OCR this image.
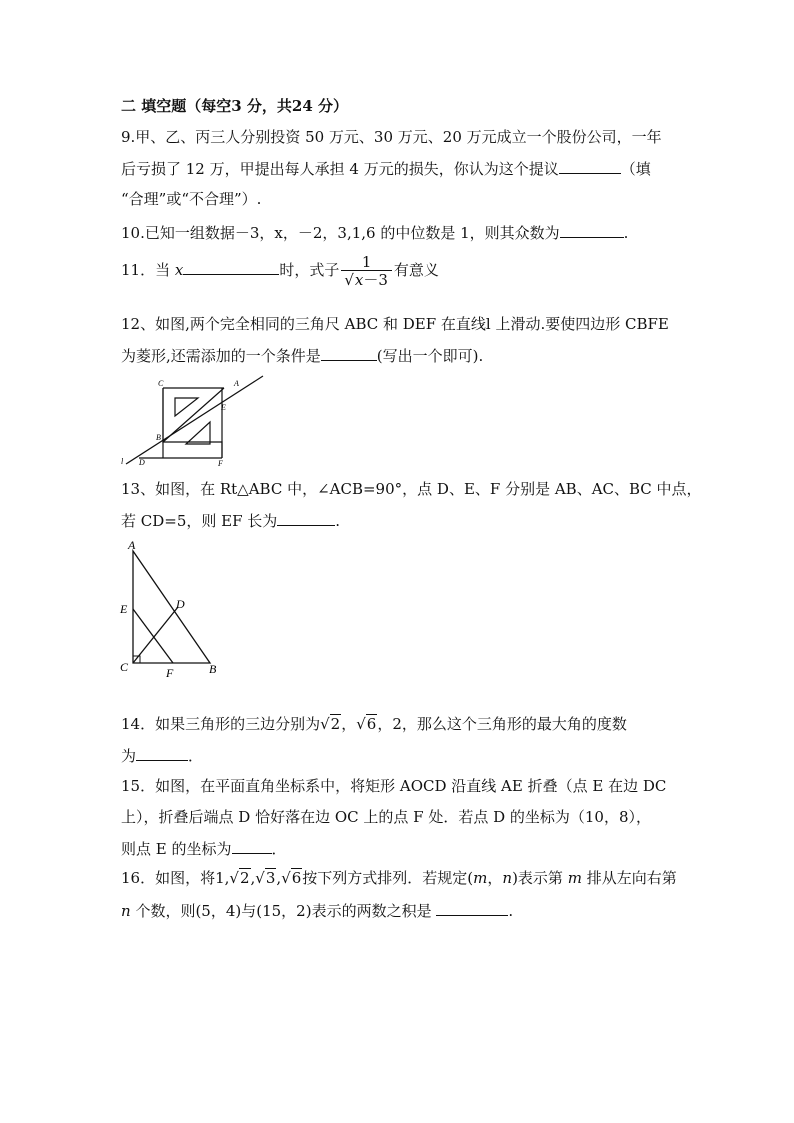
二 填空题（每空3 分，共24 分）
9.甲、乙、丙三人分别投资 50 万元、30 万元、20 万元成立一个股份公司，一年
后亏损了 12 万，甲提出每人承担 4 万元的损失，你认为这个提议	（填
“合理”或“不合理”）.
10.已知一组数据－3，x，－2，3,1,6 的中位数是 1，则其众数为	.
11．当 x	时，式子 $\frac{1}{√x-3}$ 有意义
12、如图,两个完全相同的三角尺 ABC 和 DEF 在直线l 上滑动.要使四边形 CBFE
为菱形,还需添加的一个条件是	(写出一个即可).
C	A
E
B
l D	F
13、如图，在 Rt△ABC 中，∠ACB=90°，点 D、E、F 分别是 AB、AC、BC 中点，
若 CD=5，则 EF 长为	.
A
E	D
C	F	B
14．如果三角形的三边分别为√2，√6，2，那么这个三角形的最大角的度数
为	．
15．如图，在平面直角坐标系中，将矩形 AOCD 沿直线 AE 折叠（点 E 在边 DC
上），折叠后端点 D 恰好落在边 OC 上的点 F 处．若点 D 的坐标为（10，8），
则点 E 的坐标为	．
16．如图，将1,√2,√3,√6按下列方式排列．若规定(m，n)表示第 m 排从左向右第
n 个数，则(5，4)与(15，2)表示的两数之积是	.
